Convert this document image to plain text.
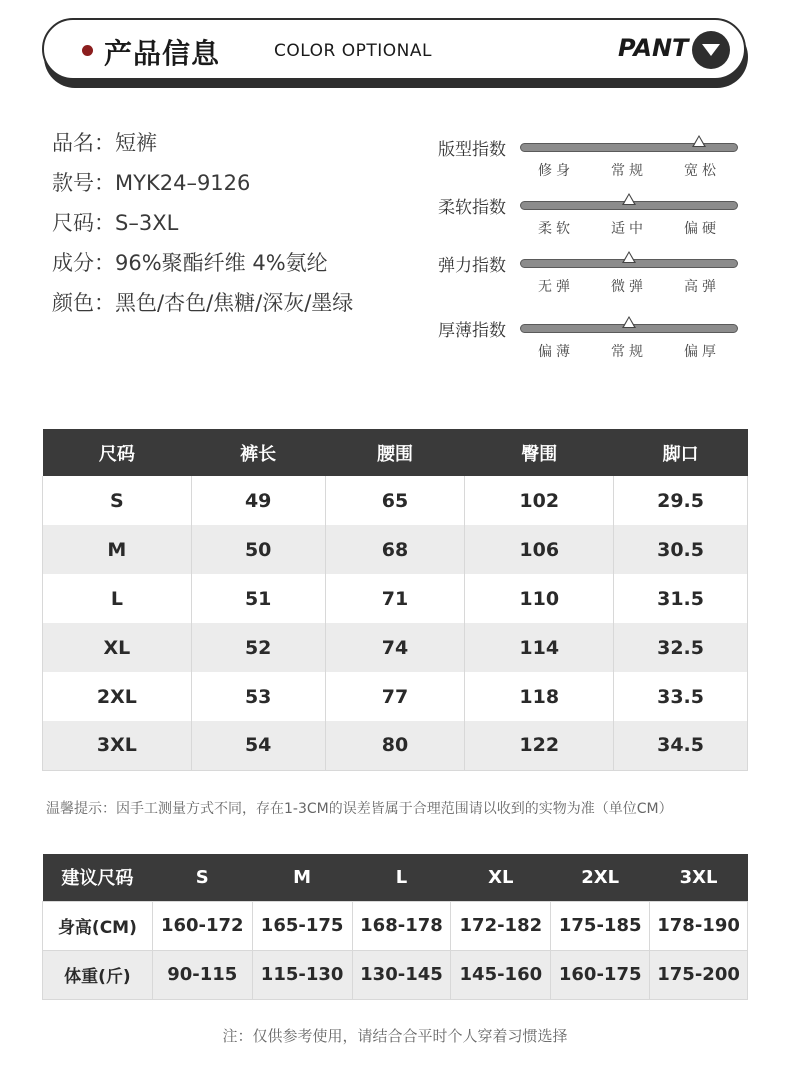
产品信息	COLOR OPTIONAL	PANT
品名：短裤
款号：MYK24–9126
尺码：S–3XL
成分：96%聚酯纤维 4%氨纶
颜色：黑色/杏色/焦糖/深灰/墨绿
版型指数
修身	常规	宽松
柔软指数
柔软	适中	偏硬
弹力指数
无弹	微弹	高弹
厚薄指数
偏薄	常规	偏厚
尺码	裤长	腰围	臀围	脚口
S	49	65	102	29.5
M	50	68	106	30.5
L	51	71	110	31.5
XL	52	74	114	32.5
2XL	53	77	118	33.5
3XL	54	80	122	34.5
温馨提示：因手工测量方式不同，存在1-3CM的误差皆属于合理范围请以收到的实物为准（单位CM）
建议尺码	S	M	L	XL	2XL	3XL
身高(CM)	160-172	165-175	168-178	172-182	175-185	178-190
体重(斤)	90-115	115-130	130-145	145-160	160-175	175-200
注：仅供参考使用，请结合合平时个人穿着习惯选择
